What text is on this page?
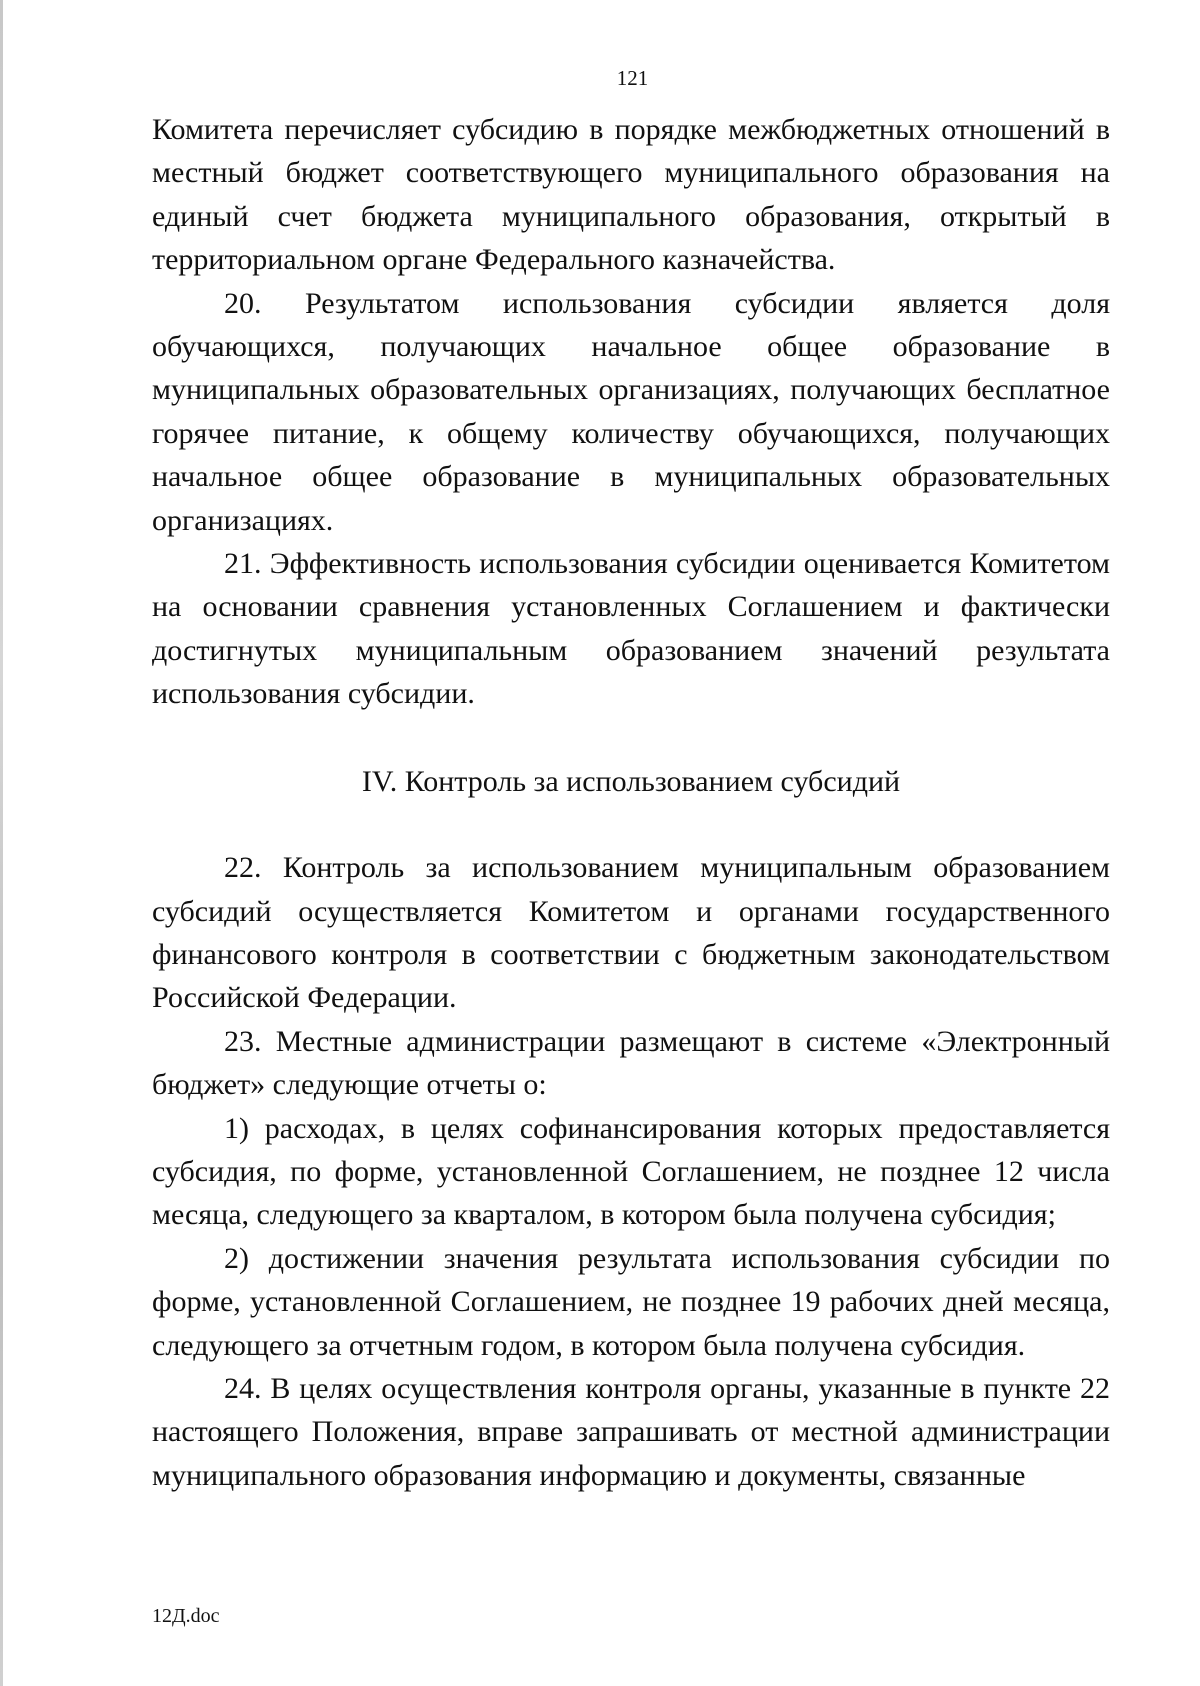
121

Комитета перечисляет субсидию в порядке межбюджетных отношений в местный бюджет соответствующего муниципального образования на единый счет бюджета муниципального образования, открытый в территориальном органе Федерального казначейства.

20. Результатом использования субсидии является доля обучающихся, получающих начальное общее образование в муниципальных образовательных организациях, получающих бесплатное горячее питание, к общему количеству обучающихся, получающих начальное общее образование в муниципальных образовательных организациях.

21. Эффективность использования субсидии оценивается Комитетом на основании сравнения установленных Соглашением и фактически достигнутых муниципальным образованием значений результата использования субсидии.

IV. Контроль за использованием субсидий

22. Контроль за использованием муниципальным образованием субсидий осуществляется Комитетом и органами государственного финансового контроля в соответствии с бюджетным законодательством Российской Федерации.

23. Местные администрации размещают в системе «Электронный бюджет» следующие отчеты о:

1) расходах, в целях софинансирования которых предоставляется субсидия, по форме, установленной Соглашением, не позднее 12 числа месяца, следующего за кварталом, в котором была получена субсидия;

2) достижении значения результата использования субсидии по форме, установленной Соглашением, не позднее 19 рабочих дней месяца, следующего за отчетным годом, в котором была получена субсидия.

24. В целях осуществления контроля органы, указанные в пункте 22 настоящего Положения, вправе запрашивать от местной администрации муниципального образования информацию и документы, связанные

12Д.doc
